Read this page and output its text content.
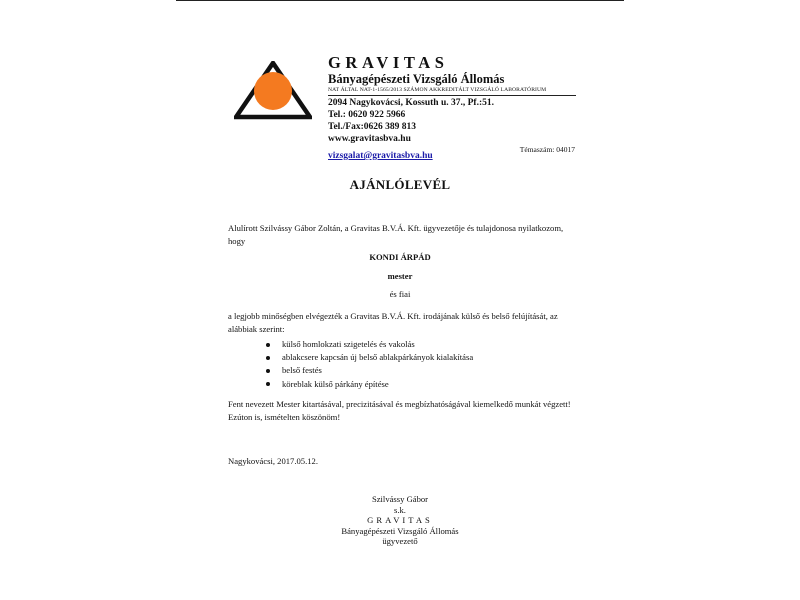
GRAVITAS
Bányagépészeti Vizsgáló Állomás
NAT ÁLTAL NAT-1-1565/2013 SZÁMON AKKREDITÁLT VIZSGÁLÓ LABORATÓRIUM
2094 Nagykovácsi, Kossuth u. 37., Pf.:51.
Tel.: 0620 922 5966
Tel./Fax:0626 389 813
www.gravitasbva.hu
vizsgalat@gravitasbva.hu
Témaszám: 04017
AJÁNLÓLEVÉL
Alulírott Szilvássy Gábor Zoltán, a Gravitas B.V.Á. Kft. ügyvezetője és tulajdonosa nyilatkozom, hogy
KONDI ÁRPÁD
mester
és fiai
a legjobb minőségben elvégezték a Gravitas B.V.Á. Kft. irodájának külső és belső felújítását, az alábbiak szerint:
külső homlokzati szigetelés és vakolás
ablakcsere kapcsán új belső ablakpárkányok kialakítása
belső festés
köreblak külső párkány építése
Fent nevezett Mester kitartásával, precizitásával és megbízhatóságával kiemelkedő munkát végzett! Ezúton is, ismételten köszönöm!
Nagykovácsi, 2017.05.12.
Szilvássy Gábor
s.k.
GRAVITAS
Bányagépészeti Vizsgáló Állomás
ügyvezető
